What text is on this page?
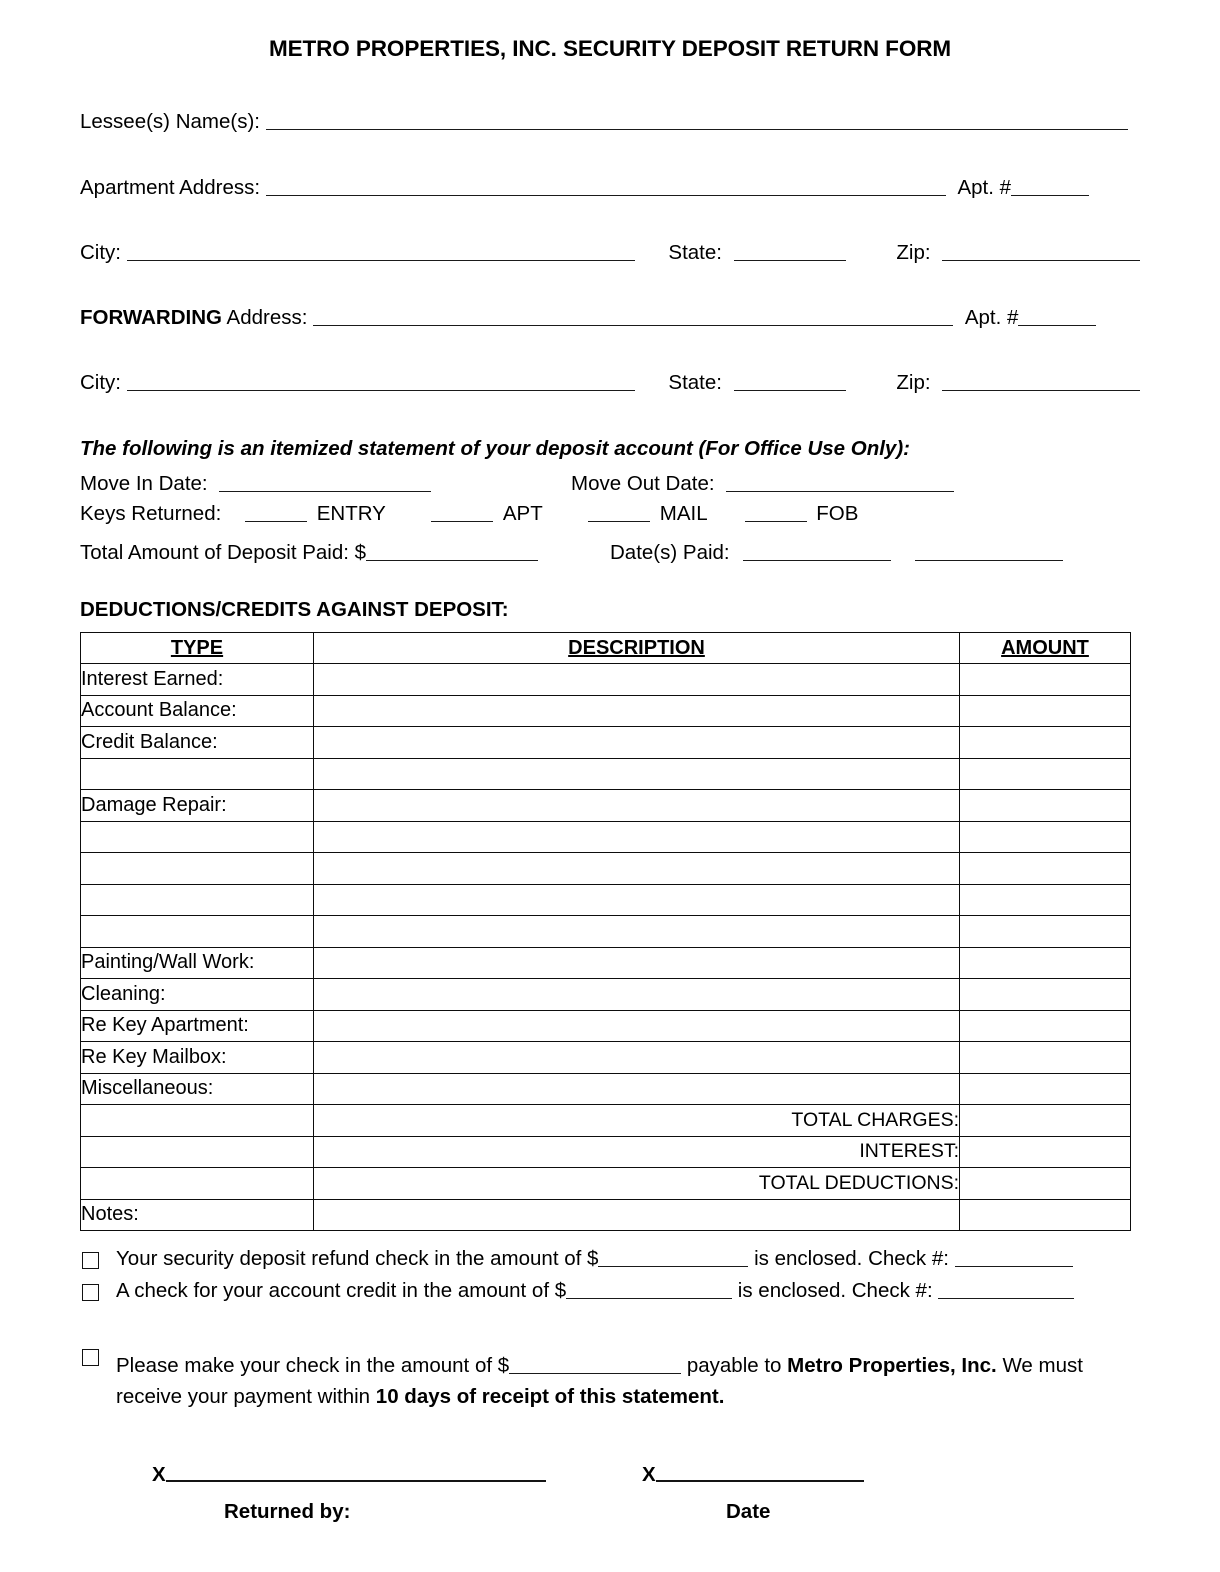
METRO PROPERTIES, INC. SECURITY DEPOSIT RETURN FORM
Lessee(s) Name(s):
Apartment Address:	Apt. #
City:	State:	Zip:
FORWARDING Address:	Apt. #
City:	State:	Zip:
The following is an itemized statement of your deposit account (For Office Use Only):
Move In Date:	Move Out Date:
Keys Returned:	ENTRY	APT	MAIL	FOB
Total Amount of Deposit Paid: $	Date(s) Paid:
DEDUCTIONS/CREDITS AGAINST DEPOSIT:
TYPE	DESCRIPTION	AMOUNT
Interest Earned:		
Account Balance:		
Credit Balance:		

Damage Repair:		

Painting/Wall Work:		
Cleaning:		
Re Key Apartment:		
Re Key Mailbox:		
Miscellaneous:		
	TOTAL CHARGES:	
	INTEREST:	
	TOTAL DEDUCTIONS:	
Notes:		
Your security deposit refund check in the amount of $	is enclosed. Check #:
A check for your account credit in the amount of $	is enclosed. Check #:
Please make your check in the amount of $	payable to Metro Properties, Inc. We must receive your payment within 10 days of receipt of this statement.
X
Returned by:
X
Date
